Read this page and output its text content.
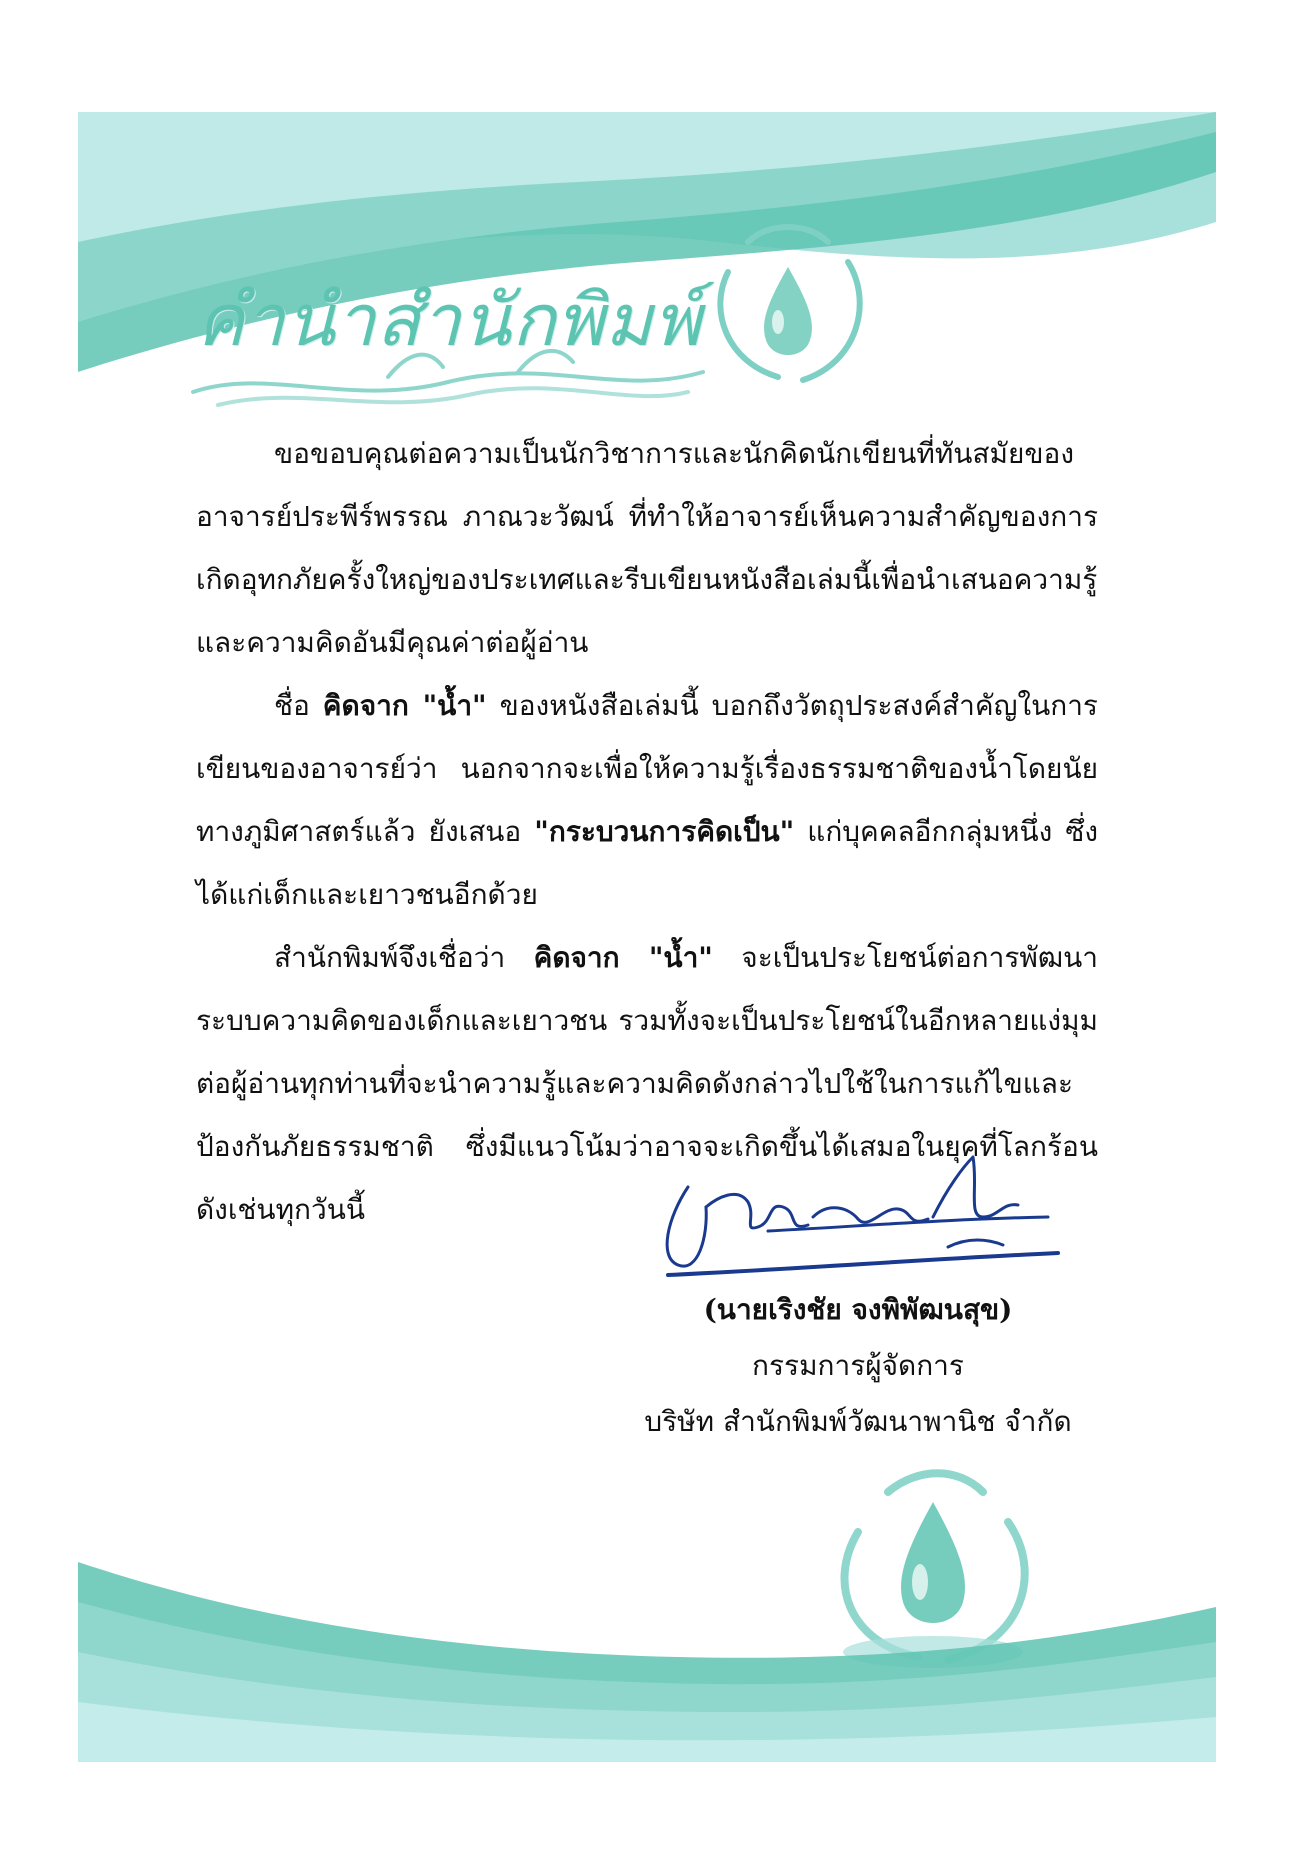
คำนำสำนักพิมพ์

ขอขอบคุณต่อความเป็นนักวิชาการและนักคิดนักเขียนที่ทันสมัยของอาจารย์ประพีร์พรรณ ภาณวะวัฒน์ ที่ทำให้อาจารย์เห็นความสำคัญของการเกิดอุทกภัยครั้งใหญ่ของประเทศและรีบเขียนหนังสือเล่มนี้เพื่อนำเสนอความรู้และความคิดอันมีคุณค่าต่อผู้อ่าน

ชื่อ คิดจาก "น้ำ" ของหนังสือเล่มนี้ บอกถึงวัตถุประสงค์สำคัญในการเขียนของอาจารย์ว่า นอกจากจะเพื่อให้ความรู้เรื่องธรรมชาติของน้ำโดยนัยทางภูมิศาสตร์แล้ว ยังเสนอ "กระบวนการคิดเป็น" แก่บุคคลอีกกลุ่มหนึ่ง ซึ่งได้แก่เด็กและเยาวชนอีกด้วย

สำนักพิมพ์จึงเชื่อว่า คิดจาก "น้ำ" จะเป็นประโยชน์ต่อการพัฒนาระบบความคิดของเด็กและเยาวชน รวมทั้งจะเป็นประโยชน์ในอีกหลายแง่มุมต่อผู้อ่านทุกท่านที่จะนำความรู้และความคิดดังกล่าวไปใช้ในการแก้ไขและป้องกันภัยธรรมชาติ ซึ่งมีแนวโน้มว่าอาจจะเกิดขึ้นได้เสมอในยุคที่โลกร้อนดังเช่นทุกวันนี้

(นายเริงชัย จงพิพัฒนสุข)
กรรมการผู้จัดการ
บริษัท สำนักพิมพ์วัฒนาพานิช จำกัด
